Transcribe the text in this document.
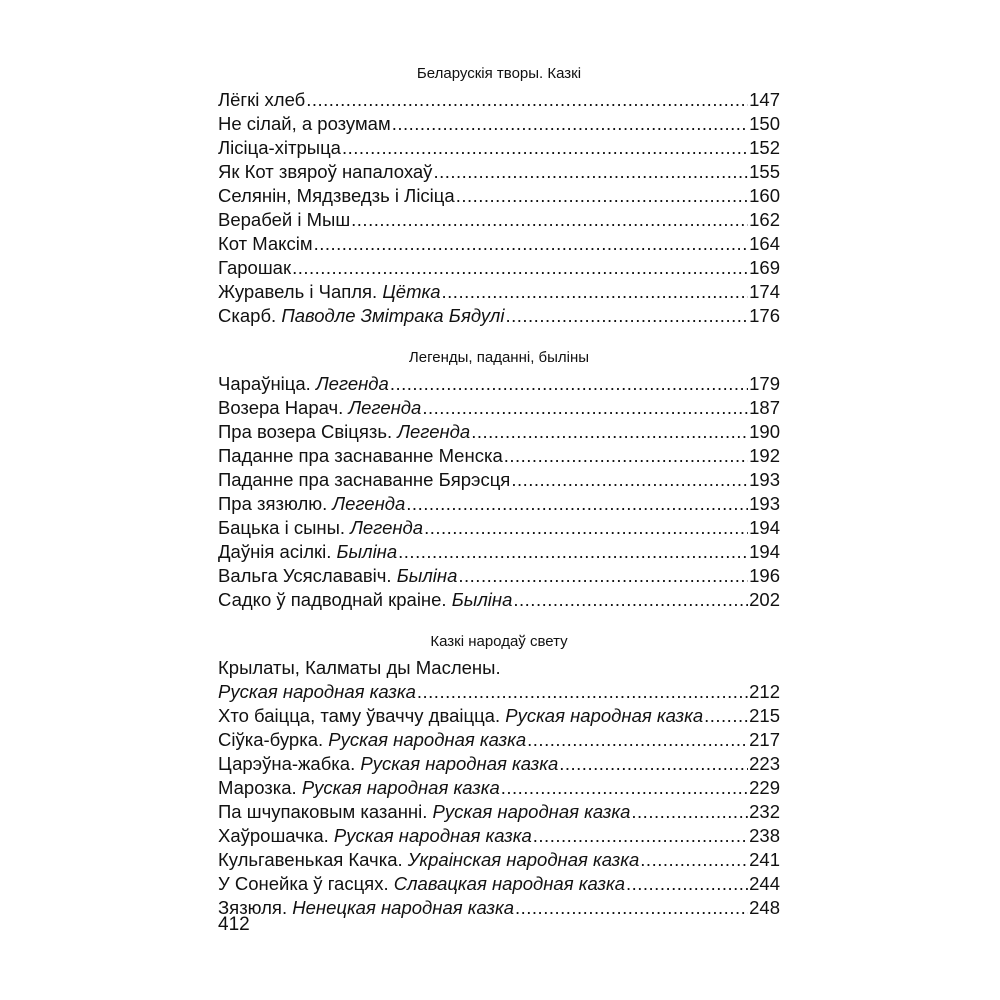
Беларускія творы. Казкі
Лёгкі хлеб .....	147
Не сілай, а розумам .....	150
Лісіца-хітрыца .....	152
Як Кот звяроў напалохаў .....	155
Селянін, Мядзведзь і Лісіца .....	160
Верабей і Мыш .....	162
Кот Максім .....	164
Гарошак .....	169
Журавель і Чапля. Цётка .....	174
Скарб. Паводле Змітрака Бядулі .....	176
Легенды, паданні, быліны
Чараўніца. Легенда .....	179
Возера Нарач. Легенда .....	187
Пра возера Свіцязь. Легенда .....	190
Паданне пра заснаванне Менска .....	192
Паданне пра заснаванне Бярэсця .....	193
Пра зязюлю. Легенда .....	193
Бацька і сыны. Легенда .....	194
Даўнія асілкі. Быліна .....	194
Вальга Усяслававіч. Быліна .....	196
Садко ў падводнай краіне. Быліна .....	202
Казкі народаў свету
Крылаты, Калматы ды Маслены.
Руская народная казка .....	212
Хто баіцца, таму ўваччу дваіцца. Руская народная казка ..... 215
Сіўка-бурка. Руская народная казка .....	217
Царэўна-жабка. Руская народная казка .....	223
Марозка. Руская народная казка .....	229
Па шчупаковым казанні. Руская народная казка .....	232
Хаўрошачка. Руская народная казка .....	238
Кульгавенькая Качка. Украінская народная казка .....	241
У Сонейка ў гасцях. Славацкая народная казка .....	244
Зязюля. Ненецкая народная казка .....	248
412
